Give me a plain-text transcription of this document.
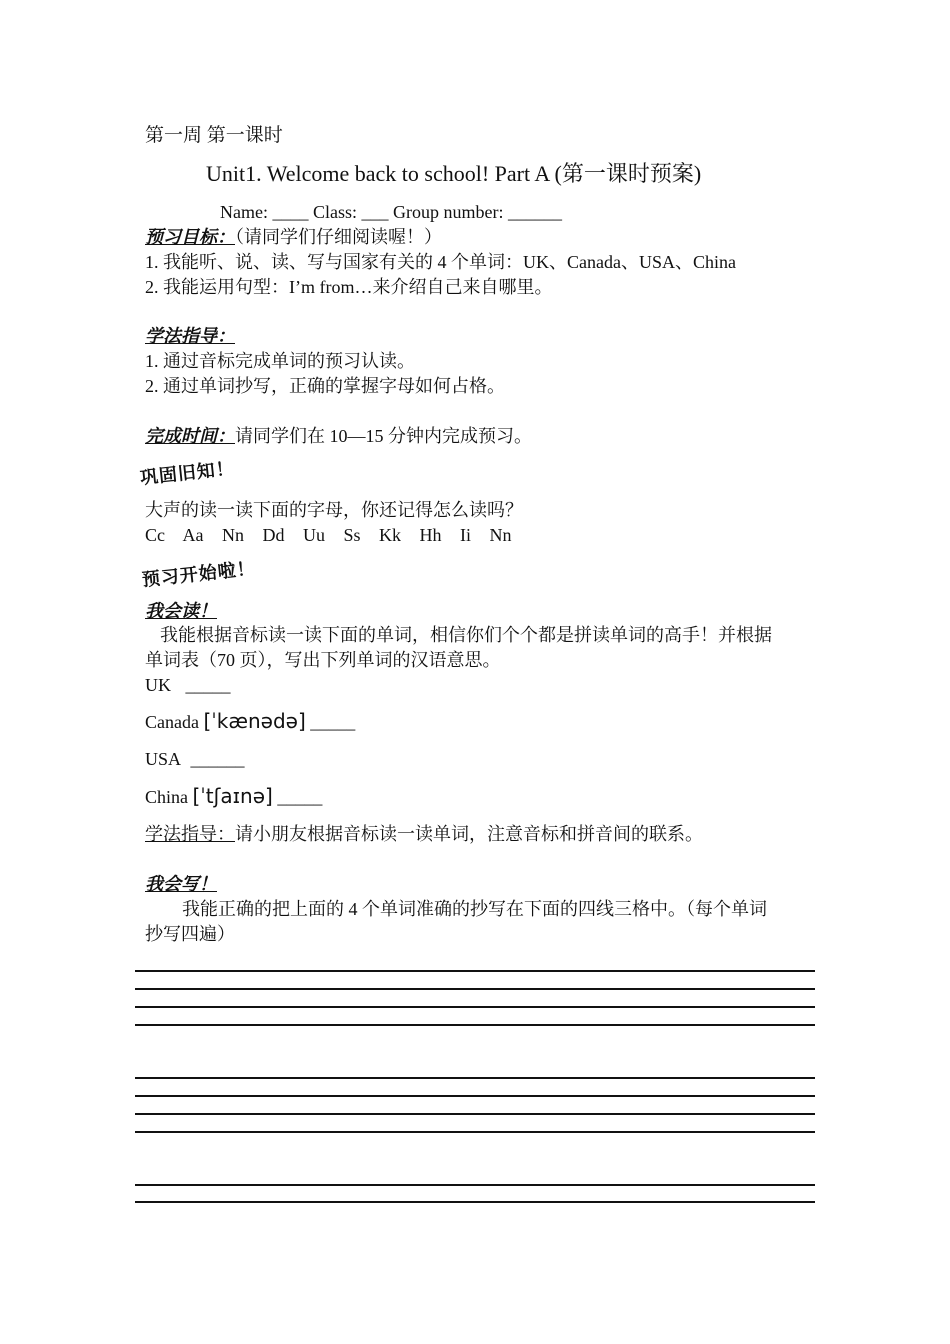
第一周 第一课时
Unit1. Welcome back to school! Part A (第一课时预案)
Name: ____ Class: ___ Group number: ______
预习目标：（请同学们仔细阅读喔！）
1. 我能听、说、读、写与国家有关的 4 个单词：UK、Canada、USA、China
2. 我能运用句型：I’m from…来介绍自己来自哪里。
学法指导：
1. 通过音标完成单词的预习认读。
2. 通过单词抄写，正确的掌握字母如何占格。
完成时间：请同学们在 10—15 分钟内完成预习。
巩固旧知！
大声的读一读下面的字母，你还记得怎么读吗？
Cc Aa Nn Dd Uu Ss Kk Hh Ii Nn
预习开始啦！
我会读！
我能根据音标读一读下面的单词，相信你们个个都是拼读单词的高手！并根据
单词表（70 页），写出下列单词的汉语意思。
UK _____
Canada [ˈkænədə] _____
USA ______
China [ˈtʃaɪnə] _____
学法指导：请小朋友根据音标读一读单词，注意音标和拼音间的联系。
我会写！
我能正确的把上面的 4 个单词准确的抄写在下面的四线三格中。（每个单词
抄写四遍）
